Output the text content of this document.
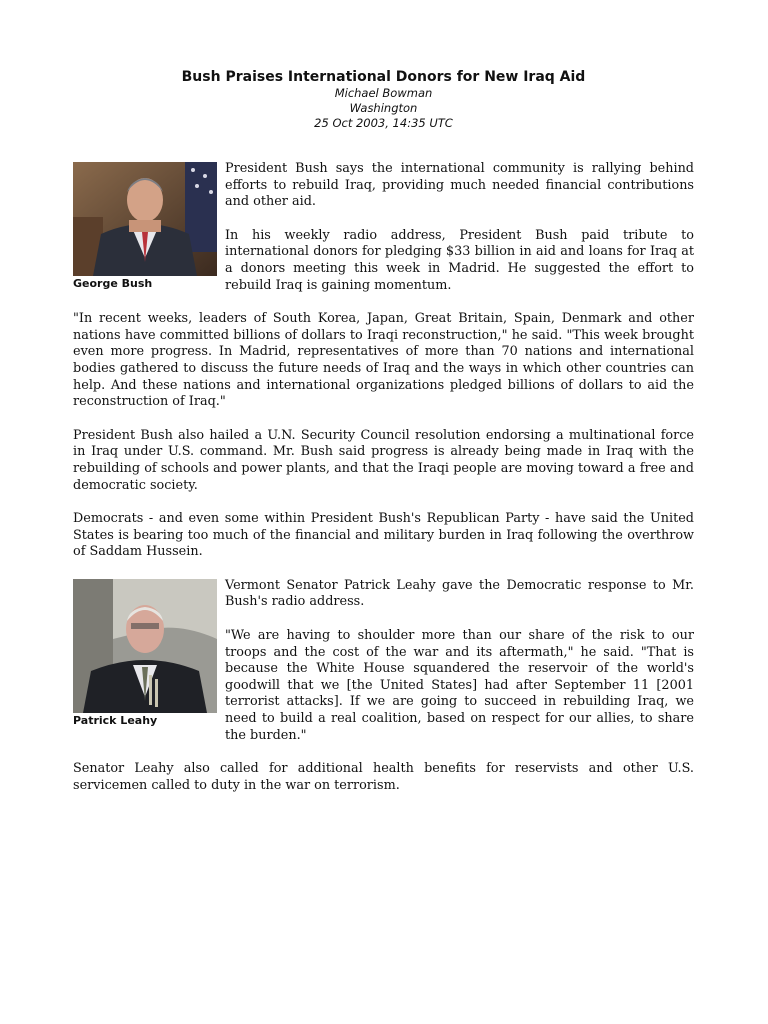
Bush Praises International Donors for New Iraq Aid
Michael Bowman
Washington
25 Oct 2003, 14:35 UTC
George Bush

President Bush says the international community is rallying behind efforts to rebuild Iraq, providing much needed financial contributions and other aid.

In his weekly radio address, President Bush paid tribute to international donors for pledging $33 billion in aid and loans for Iraq at a donors meeting this week in Madrid. He suggested the effort to rebuild Iraq is gaining momentum.

"In recent weeks, leaders of South Korea, Japan, Great Britain, Spain, Denmark and other nations have committed billions of dollars to Iraqi reconstruction," he said. "This week brought even more progress. In Madrid, representatives of more than 70 nations and international bodies gathered to discuss the future needs of Iraq and the ways in which other countries can help. And these nations and international organizations pledged billions of dollars to aid the reconstruction of Iraq."

President Bush also hailed a U.N. Security Council resolution endorsing a multinational force in Iraq under U.S. command. Mr. Bush said progress is already being made in Iraq with the rebuilding of schools and power plants, and that the Iraqi people are moving toward a free and democratic society.

Democrats - and even some within President Bush's Republican Party - have said the United States is bearing too much of the financial and military burden in Iraq following the overthrow of Saddam Hussein.

Patrick Leahy

Vermont Senator Patrick Leahy gave the Democratic response to Mr. Bush's radio address.

"We are having to shoulder more than our share of the risk to our troops and the cost of the war and its aftermath," he said. "That is because the White House squandered the reservoir of the world's goodwill that we [the United States] had after September 11 [2001 terrorist attacks]. If we are going to succeed in rebuilding Iraq, we need to build a real coalition, based on respect for our allies, to share the burden."

Senator Leahy also called for additional health benefits for reservists and other U.S. servicemen called to duty in the war on terrorism.
